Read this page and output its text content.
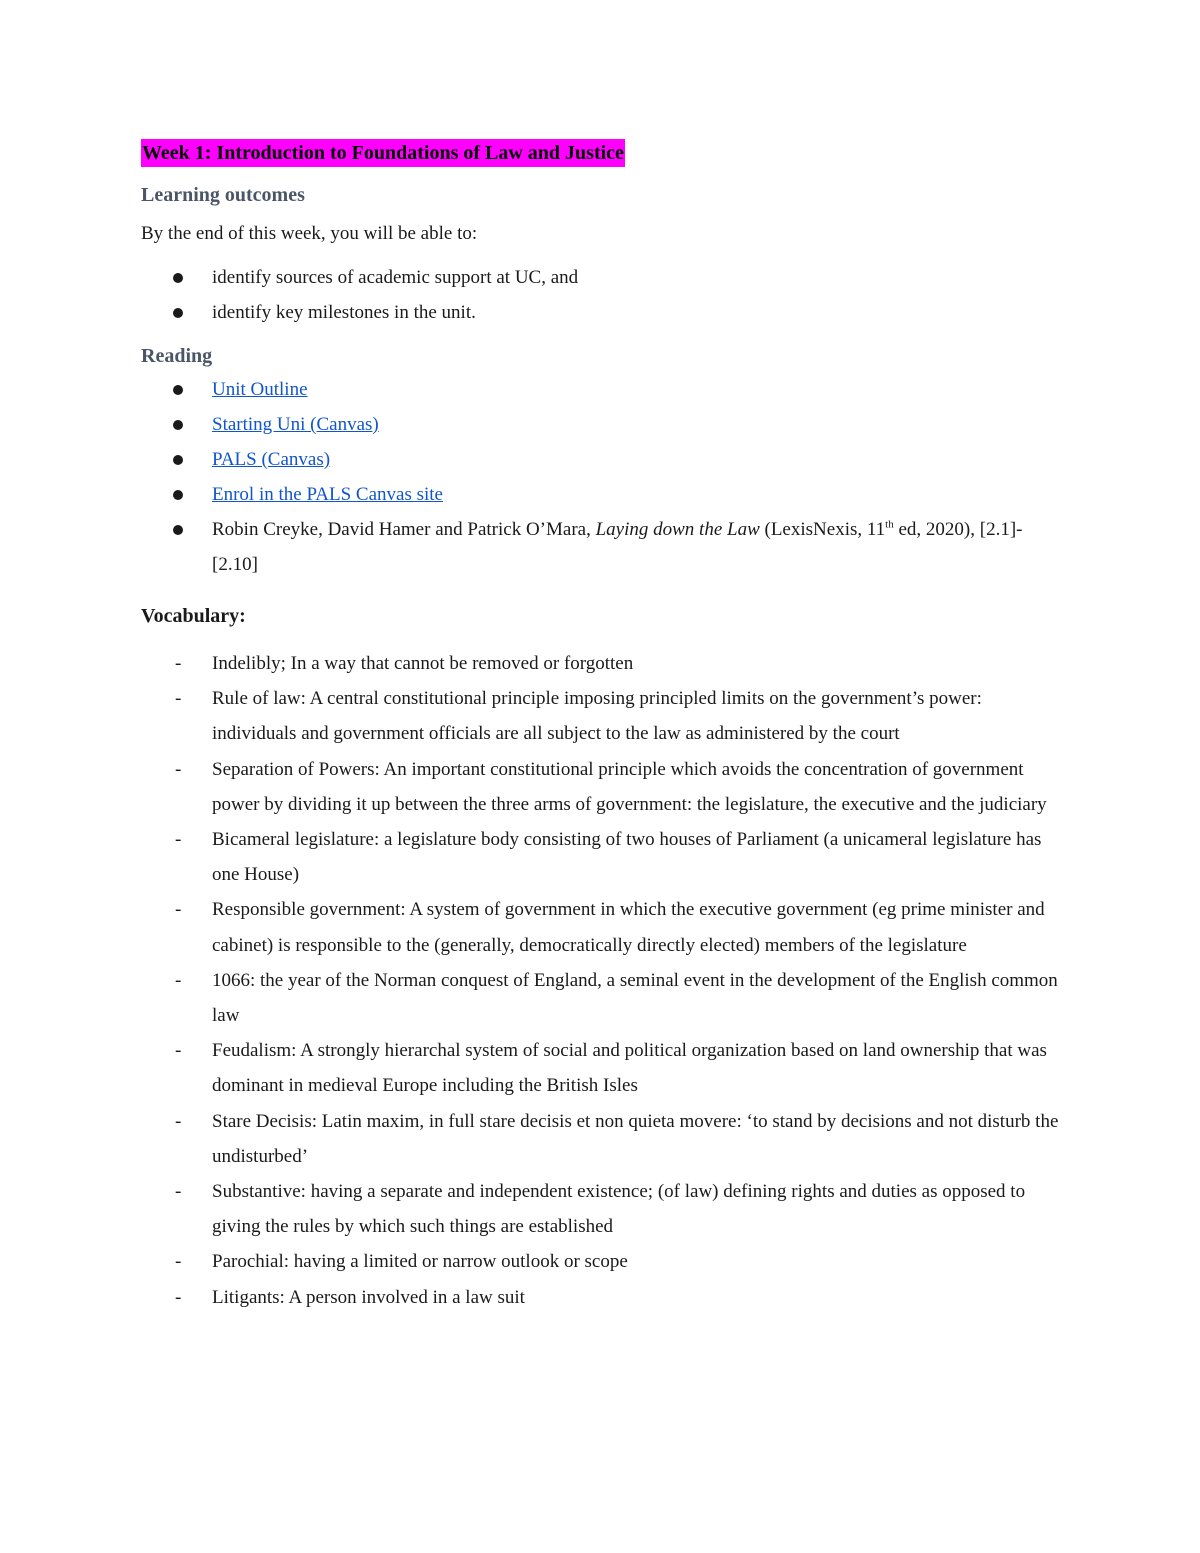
Week 1: Introduction to Foundations of Law and Justice

Learning outcomes

By the end of this week, you will be able to:

identify sources of academic support at UC, and
identify key milestones in the unit.

Reading

Unit Outline
Starting Uni (Canvas)
PALS (Canvas)
Enrol in the PALS Canvas site
Robin Creyke, David Hamer and Patrick O’Mara, Laying down the Law (LexisNexis, 11th ed, 2020), [2.1]-[2.10]

Vocabulary:

- Indelibly; In a way that cannot be removed or forgotten
- Rule of law: A central constitutional principle imposing principled limits on the government’s power: individuals and government officials are all subject to the law as administered by the court
- Separation of Powers: An important constitutional principle which avoids the concentration of government power by dividing it up between the three arms of government: the legislature, the executive and the judiciary
- Bicameral legislature: a legislature body consisting of two houses of Parliament (a unicameral legislature has one House)
- Responsible government: A system of government in which the executive government (eg prime minister and cabinet) is responsible to the (generally, democratically directly elected) members of the legislature
- 1066: the year of the Norman conquest of England, a seminal event in the development of the English common law
- Feudalism: A strongly hierarchal system of social and political organization based on land ownership that was dominant in medieval Europe including the British Isles
- Stare Decisis: Latin maxim, in full stare decisis et non quieta movere: ‘to stand by decisions and not disturb the undisturbed’
- Substantive: having a separate and independent existence; (of law) defining rights and duties as opposed to giving the rules by which such things are established
- Parochial: having a limited or narrow outlook or scope
- Litigants: A person involved in a law suit
